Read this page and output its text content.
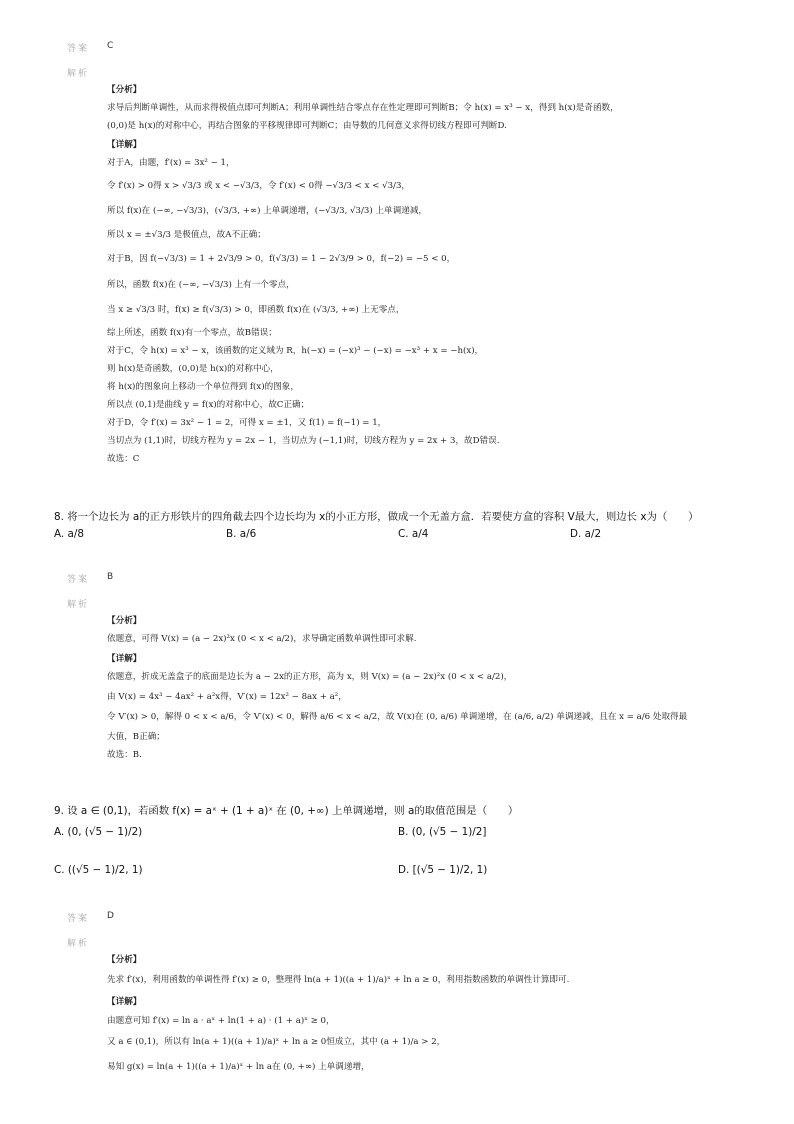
答案 C
解析
【分析】
求导后判断单调性，从而求得极值点即可判断A；利用单调性结合零点存在性定理即可判断B；令 h(x) = x³ − x，得到 h(x)是奇函数，
(0,0)是 h(x)的对称中心，再结合图象的平移规律即可判断C；由导数的几何意义求得切线方程即可判断D.
【详解】
对于A，由题，f′(x) = 3x² − 1，
令 f′(x) > 0得 x > √3/3 或 x < −√3/3，令 f′(x) < 0得 −√3/3 < x < √3/3，
所以 f(x)在 (−∞, −√3/3)，(√3/3, +∞) 上单调递增，(−√3/3, √3/3) 上单调递减，
所以 x = ±√3/3 是极值点，故A不正确；
对于B，因 f(−√3/3) = 1 + 2√3/9 > 0，f(√3/3) = 1 − 2√3/9 > 0，f(−2) = −5 < 0，
所以，函数 f(x)在 (−∞, −√3/3) 上有一个零点，
当 x ≥ √3/3 时，f(x) ≥ f(√3/3) > 0，即函数 f(x)在 (√3/3, +∞) 上无零点，
综上所述，函数 f(x)有一个零点，故B错误；
对于C，令 h(x) = x³ − x，该函数的定义域为 R，h(−x) = (−x)³ − (−x) = −x³ + x = −h(x)，
则 h(x)是奇函数，(0,0)是 h(x)的对称中心，
将 h(x)的图象向上移动一个单位得到 f(x)的图象，
所以点 (0,1)是曲线 y = f(x)的对称中心，故C正确；
对于D，令 f′(x) = 3x² − 1 = 2，可得 x = ±1，又 f(1) = f(−1) = 1，
当切点为 (1,1)时，切线方程为 y = 2x − 1，当切点为 (−1,1)时，切线方程为 y = 2x + 3，故D错误.
故选：C
8. 将一个边长为 a的正方形铁片的四角截去四个边长均为 x的小正方形，做成一个无盖方盒．若要使方盒的容积 V最大，则边长 x为（　　）
A. a/8	B. a/6	C. a/4	D. a/2
答案 B
解析
【分析】
依题意，可得 V(x) = (a − 2x)²x (0 < x < a/2)，求导确定函数单调性即可求解.
【详解】
依题意，折成无盖盒子的底面是边长为 a − 2x的正方形，高为 x，则 V(x) = (a − 2x)²x (0 < x < a/2)，
由 V(x) = 4x³ − 4ax² + a²x得，V′(x) = 12x² − 8ax + a²，
令 V′(x) > 0，解得 0 < x < a/6，令 V′(x) < 0，解得 a/6 < x < a/2，故 V(x)在 (0, a/6) 单调递增，在 (a/6, a/2) 单调递减，且在 x = a/6 处取得最
大值，B正确；
故选：B.
9. 设 a ∈ (0,1)，若函数 f(x) = aˣ + (1 + a)ˣ 在 (0, +∞) 上单调递增，则 a的取值范围是（　　）
A. (0, (√5 − 1)/2)	B. (0, (√5 − 1)/2]
C. ((√5 − 1)/2, 1)	D. [(√5 − 1)/2, 1)
答案 D
解析
【分析】
先求 f′(x)，利用函数的单调性得 f′(x) ≥ 0，整理得 ln(a + 1)((a + 1)/a)ˣ + ln a ≥ 0，利用指数函数的单调性计算即可.
【详解】
由题意可知 f′(x) = ln a · aˣ + ln(1 + a) · (1 + a)ˣ ≥ 0，
又 a ∈ (0,1)，所以有 ln(a + 1)((a + 1)/a)ˣ + ln a ≥ 0恒成立，其中 (a + 1)/a > 2，
易知 g(x) = ln(a + 1)((a + 1)/a)ˣ + ln a在 (0, +∞) 上单调递增，
